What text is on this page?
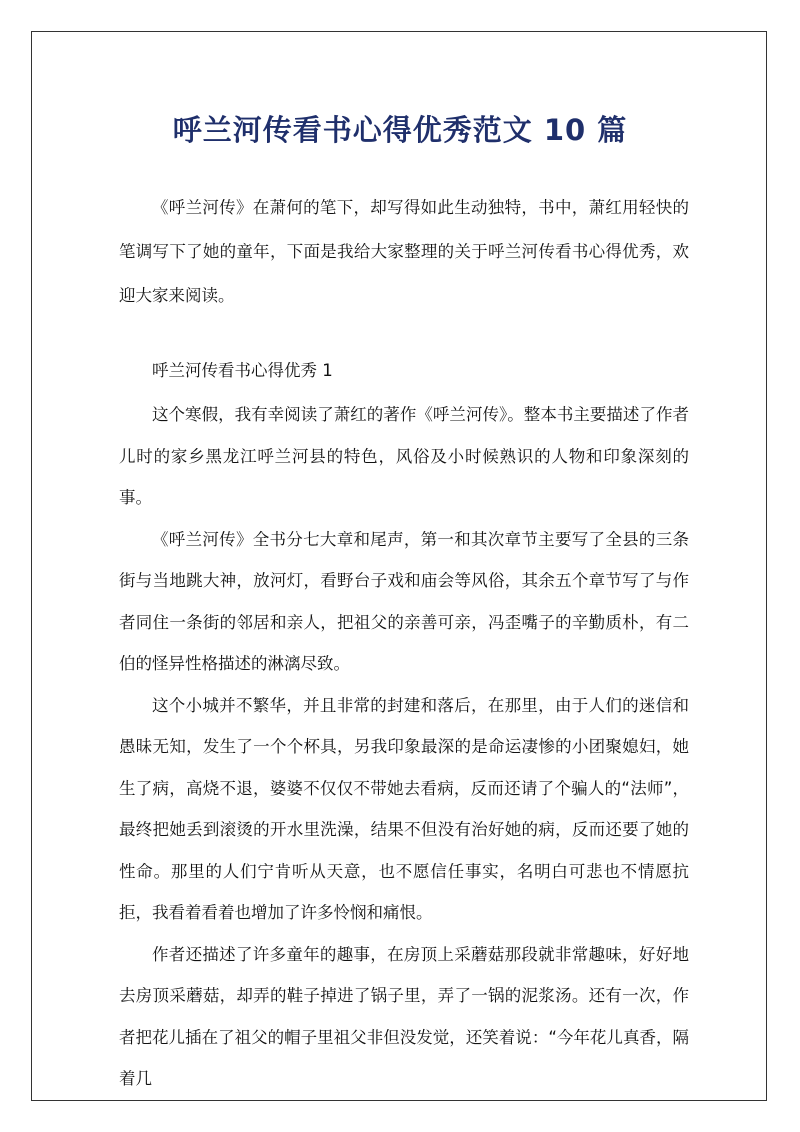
呼兰河传看书心得优秀范文 10 篇

《呼兰河传》在萧何的笔下，却写得如此生动独特，书中，萧红用轻快的笔调写下了她的童年，下面是我给大家整理的关于呼兰河传看书心得优秀，欢迎大家来阅读。

呼兰河传看书心得优秀 1

这个寒假，我有幸阅读了萧红的著作《呼兰河传》。整本书主要描述了作者儿时的家乡黑龙江呼兰河县的特色，风俗及小时候熟识的人物和印象深刻的事。

《呼兰河传》全书分七大章和尾声，第一和其次章节主要写了全县的三条街与当地跳大神，放河灯，看野台子戏和庙会等风俗，其余五个章节写了与作者同住一条街的邻居和亲人，把祖父的亲善可亲，冯歪嘴子的辛勤质朴，有二伯的怪异性格描述的淋漓尽致。

这个小城并不繁华，并且非常的封建和落后，在那里，由于人们的迷信和愚昧无知，发生了一个个杯具，另我印象最深的是命运凄惨的小团聚媳妇，她生了病，高烧不退，婆婆不仅仅不带她去看病，反而还请了个骗人的“法师”，最终把她丢到滚烫的开水里洗澡，结果不但没有治好她的病，反而还要了她的性命。那里的人们宁肯听从天意，也不愿信任事实，名明白可悲也不情愿抗拒，我看着看着也增加了许多怜悯和痛恨。

作者还描述了许多童年的趣事，在房顶上采蘑菇那段就非常趣味，好好地去房顶采蘑菇，却弄的鞋子掉进了锅子里，弄了一锅的泥浆汤。还有一次，作者把花儿插在了祖父的帽子里祖父非但没发觉，还笑着说：“今年花儿真香，隔着几
